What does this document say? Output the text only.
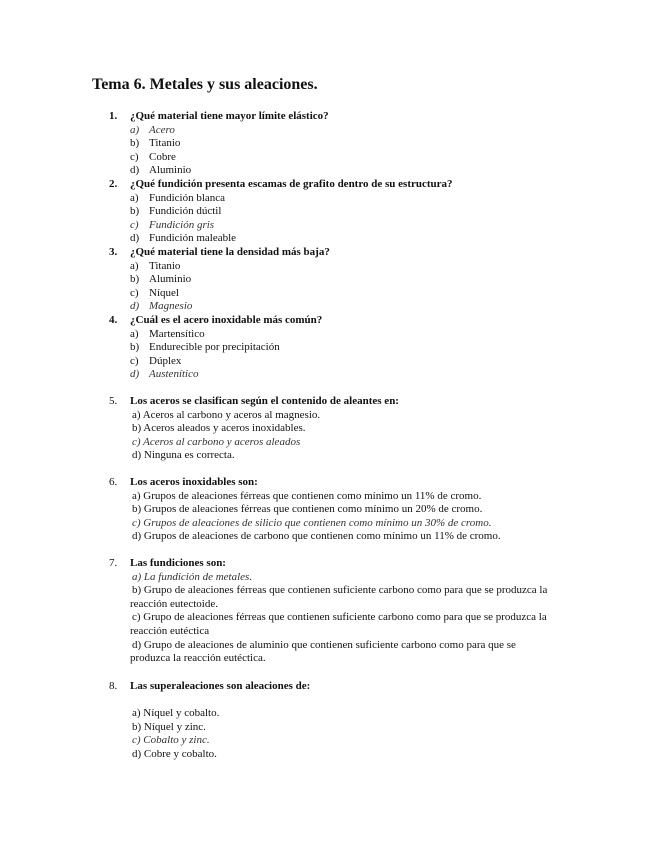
Tema 6. Metales y sus aleaciones.
1.	¿Qué material tiene mayor límite elástico?
a) Acero
b) Titanio
c) Cobre
d) Aluminio
2.	¿Qué fundición presenta escamas de grafito dentro de su estructura?
a) Fundición blanca
b) Fundición dúctil
c) Fundición gris
d) Fundición maleable
3.	¿Qué material tiene la densidad más baja?
a) Titanio
b) Aluminio
c) Níquel
d) Magnesio
4.	¿Cuál es el acero inoxidable más común?
a) Martensítico
b) Endurecible por precipitación
c) Dúplex
d) Austenítico
5.	Los aceros se clasifican según el contenido de aleantes en:
a) Aceros al carbono y aceros al magnesio.
b) Aceros aleados y aceros inoxidables.
c) Aceros al carbono y aceros aleados
d) Ninguna es correcta.
6.	Los aceros inoxidables son:
a) Grupos de aleaciones férreas que contienen como mínimo un 11% de cromo.
b) Grupos de aleaciones férreas que contienen como mínimo un 20% de cromo.
c) Grupos de aleaciones de silicio que contienen como mínimo un 30% de cromo.
d) Grupos de aleaciones de carbono que contienen como mínimo un 11% de cromo.
7.	Las fundiciones son:
a) La fundición de metales.
b) Grupo de aleaciones férreas que contienen suficiente carbono como para que se produzca la reacción eutectoide.
c) Grupo de aleaciones férreas que contienen suficiente carbono como para que se produzca la reacción eutéctica
d) Grupo de aleaciones de aluminio que contienen suficiente carbono como para que se produzca la reacción eutéctica.
8.	Las superaleaciones son aleaciones de:
a) Níquel y cobalto.
b) Níquel y zinc.
c) Cobalto y zinc.
d) Cobre y cobalto.
